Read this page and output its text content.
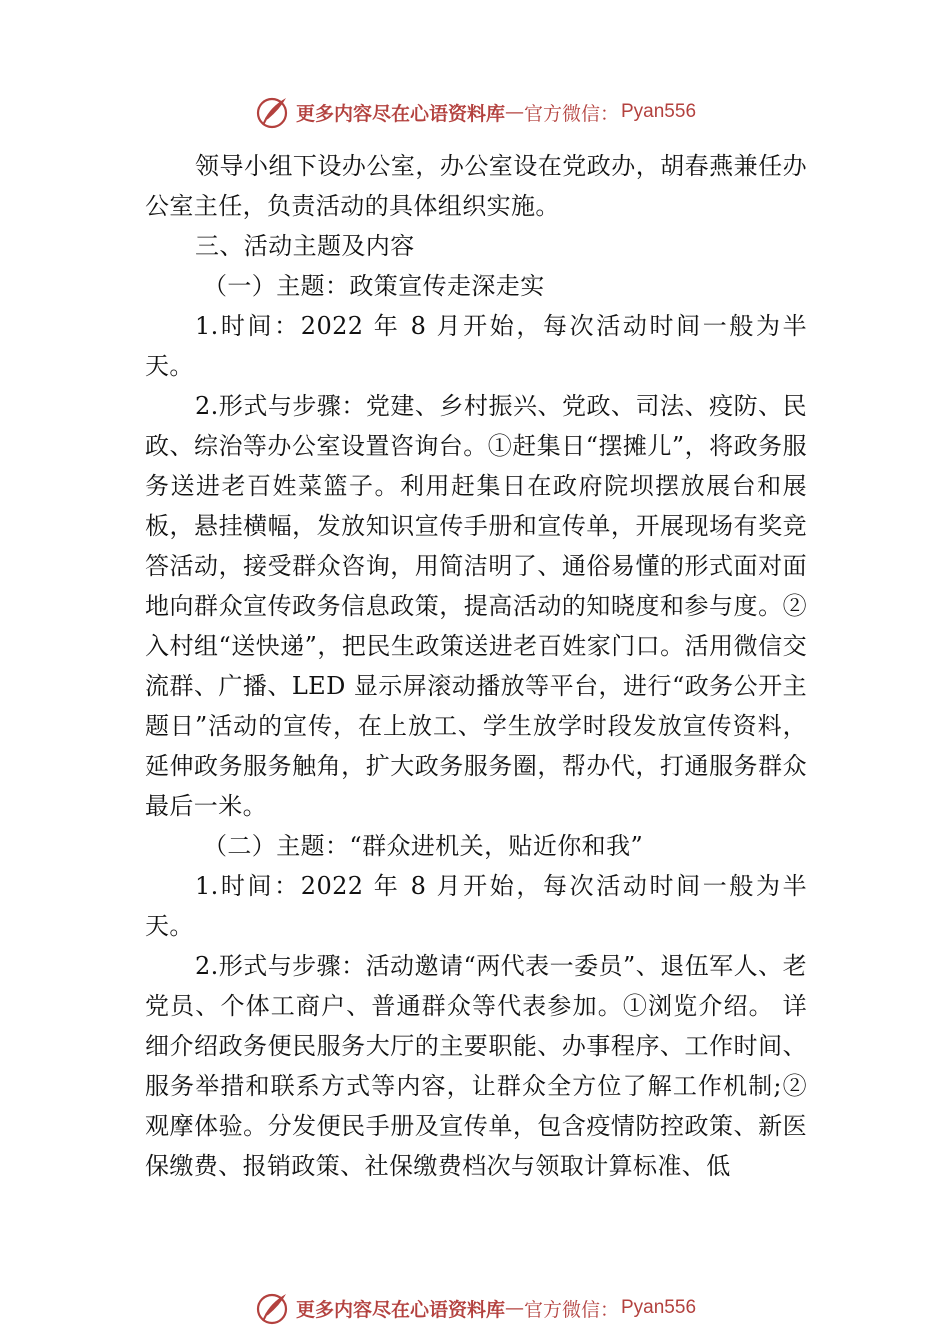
更多内容尽在心语资料库 — 官方微信： Pyan556

领导小组下设办公室，办公室设在党政办，胡春燕兼任办公室主任，负责活动的具体组织实施。

三、活动主题及内容

（一）主题：政策宣传走深走实

1.时间：2022 年 8 月开始，每次活动时间一般为半天。

2.形式与步骤：党建、乡村振兴、党政、司法、疫防、民政、综治等办公室设置咨询台。①赶集日“摆摊儿”，将政务服务送进老百姓菜篮子。利用赶集日在政府院坝摆放展台和展板，悬挂横幅，发放知识宣传手册和宣传单，开展现场有奖竞答活动，接受群众咨询，用简洁明了、通俗易懂的形式面对面地向群众宣传政务信息政策，提高活动的知晓度和参与度。②入村组“送快递”，把民生政策送进老百姓家门口。活用微信交流群、广播、LED 显示屏滚动播放等平台，进行“政务公开主题日”活动的宣传，在上放工、学生放学时段发放宣传资料，延伸政务服务触角，扩大政务服务圈，帮办代，打通服务群众最后一米。

（二）主题：“群众进机关，贴近你和我”

1.时间：2022 年 8 月开始，每次活动时间一般为半天。

2.形式与步骤：活动邀请“两代表一委员”、退伍军人、老党员、个体工商户、普通群众等代表参加。①浏览介绍。 详细介绍政务便民服务大厅的主要职能、办事程序、工作时间、服务举措和联系方式等内容，让群众全方位了解工作机制;②观摩体验。分发便民手册及宣传单，包含疫情防控政策、新医保缴费、报销政策、社保缴费档次与领取计算标准、低

更多内容尽在心语资料库 — 官方微信： Pyan556
